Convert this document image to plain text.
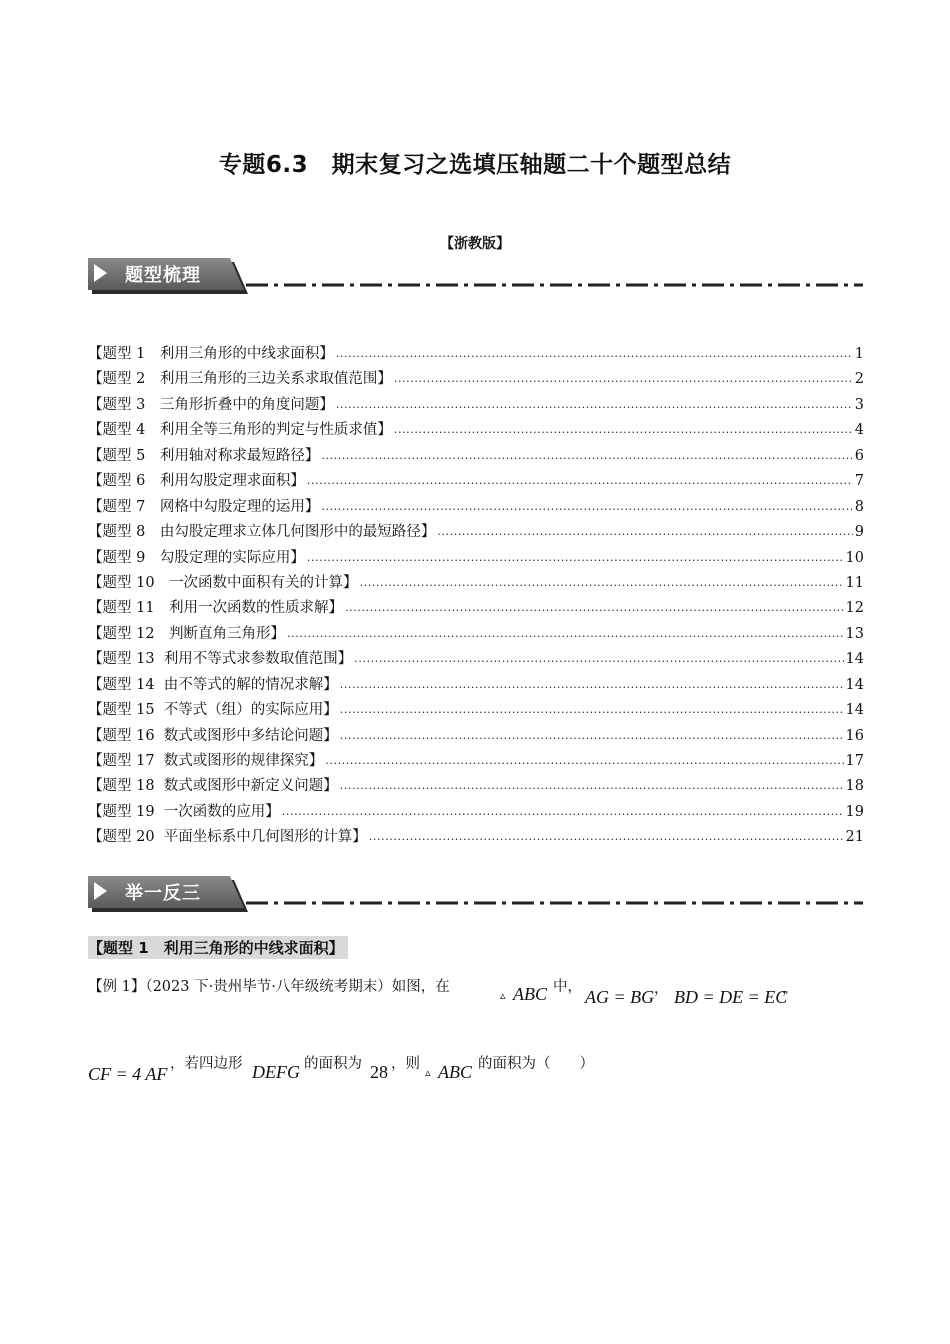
专题6.3　期末复习之选填压轴题二十个题型总结
【浙教版】
题型梳理
【题型 1　利用三角形的中线求面积】 .....	1
【题型 2　利用三角形的三边关系求取值范围】 .....	2
【题型 3　三角形折叠中的角度问题】 .....	3
【题型 4　利用全等三角形的判定与性质求值】 .....	4
【题型 5　利用轴对称求最短路径】 .....	6
【题型 6　利用勾股定理求面积】 .....	7
【题型 7　网格中勾股定理的运用】 .....	8
【题型 8　由勾股定理求立体几何图形中的最短路径】 .....	9
【题型 9　勾股定理的实际应用】 .....	10
【题型 10　一次函数中面积有关的计算】 .....	11
【题型 11　利用一次函数的性质求解】 .....	12
【题型 12　判断直角三角形】 .....	13
【题型 13  利用不等式求参数取值范围】 .....	14
【题型 14  由不等式的解的情况求解】 .....	14
【题型 15  不等式（组）的实际应用】 .....	14
【题型 16  数式或图形中多结论问题】 .....	16
【题型 17  数式或图形的规律探究】 .....	17
【题型 18  数式或图形中新定义问题】 .....	18
【题型 19  一次函数的应用】 .....	19
【题型 20  平面坐标系中几何图形的计算】 .....	21
举一反三
【题型 1　利用三角形的中线求面积】
【例 1】（2023 下·贵州毕节·八年级统考期末）如图，在
▵ ABC 中， AG = BG ， BD = DE = EC
，
CF = 4 AF ，若四边形 DEFG 的面积为 28 ，则
▵ ABC 的面积为（　　）
